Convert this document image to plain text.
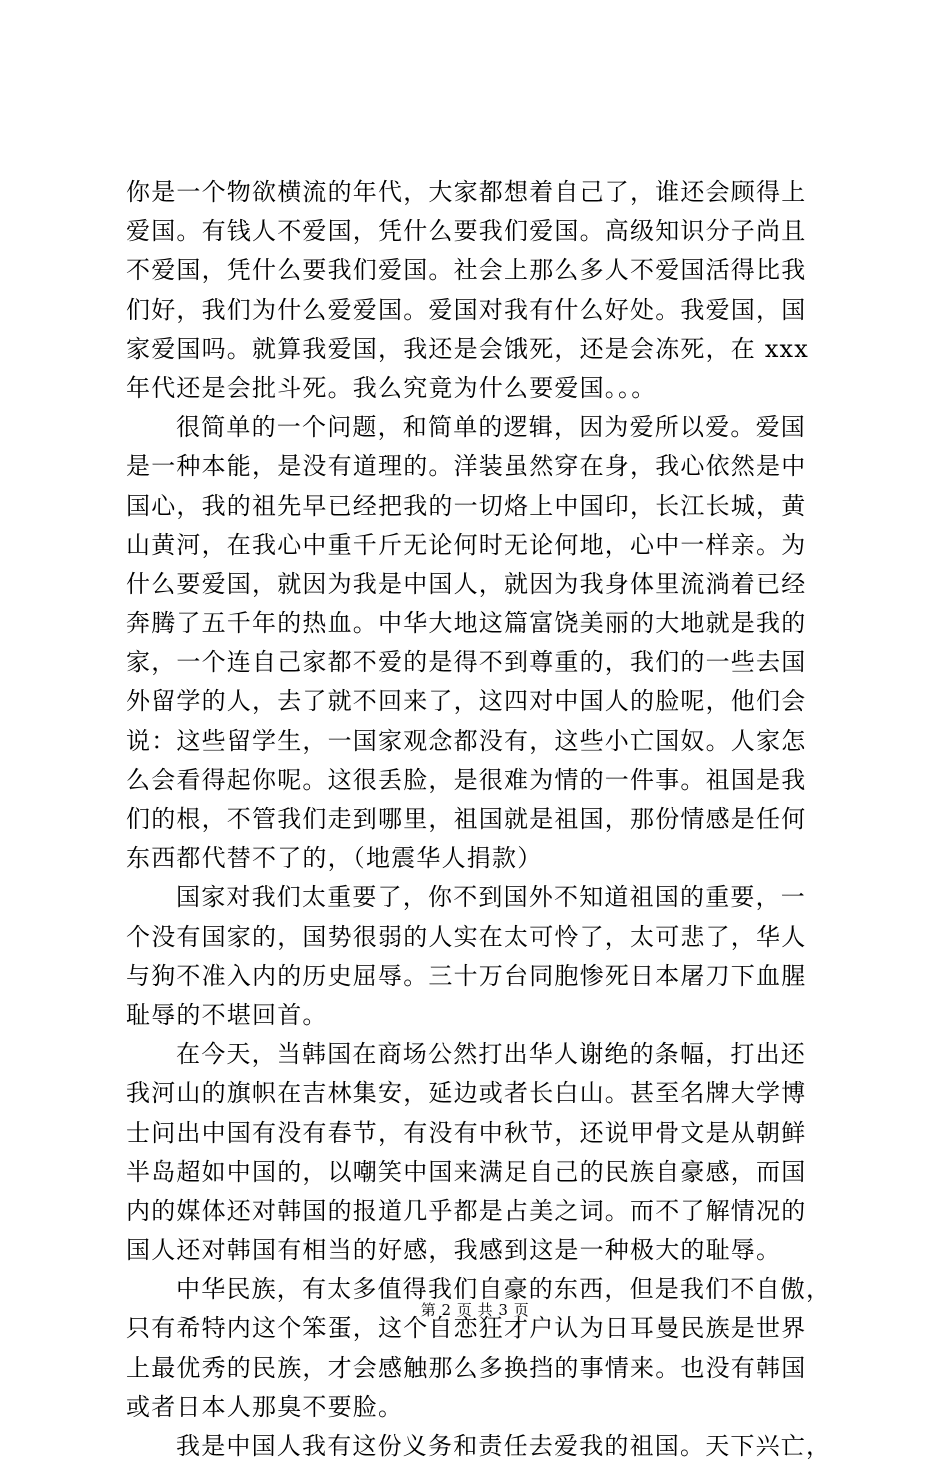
你是一个物欲横流的年代，大家都想着自己了，谁还会顾得上
爱国。有钱人不爱国，凭什么要我们爱国。高级知识分子尚且
不爱国，凭什么要我们爱国。社会上那么多人不爱国活得比我
们好，我们为什么爱爱国。爱国对我有什么好处。我爱国，国
家爱国吗。就算我爱国，我还是会饿死，还是会冻死，在 xxx
年代还是会批斗死。我么究竟为什么要爱国。。。
很简单的一个问题，和简单的逻辑，因为爱所以爱。爱国
是一种本能，是没有道理的。洋装虽然穿在身，我心依然是中
国心，我的祖先早已经把我的一切烙上中国印，长江长城，黄
山黄河，在我心中重千斤无论何时无论何地，心中一样亲。为
什么要爱国，就因为我是中国人，就因为我身体里流淌着已经
奔腾了五千年的热血。中华大地这篇富饶美丽的大地就是我的
家，一个连自己家都不爱的是得不到尊重的，我们的一些去国
外留学的人，去了就不回来了，这四对中国人的脸呢，他们会
说：这些留学生，一国家观念都没有，这些小亡国奴。人家怎
么会看得起你呢。这很丢脸，是很难为情的一件事。祖国是我
们的根，不管我们走到哪里，祖国就是祖国，那份情感是任何
东西都代替不了的，（地震华人捐款）
国家对我们太重要了，你不到国外不知道祖国的重要，一
个没有国家的，国势很弱的人实在太可怜了，太可悲了，华人
与狗不准入内的历史屈辱。三十万台同胞惨死日本屠刀下血腥
耻辱的不堪回首。
在今天，当韩国在商场公然打出华人谢绝的条幅，打出还
我河山的旗帜在吉林集安，延边或者长白山。甚至名牌大学博
士问出中国有没有春节，有没有中秋节，还说甲骨文是从朝鲜
半岛超如中国的，以嘲笑中国来满足自己的民族自豪感，而国
内的媒体还对韩国的报道几乎都是占美之词。而不了解情况的
国人还对韩国有相当的好感，我感到这是一种极大的耻辱。
中华民族，有太多值得我们自豪的东西，但是我们不自傲，
只有希特内这个笨蛋，这个自恋狂才户认为日耳曼民族是世界
上最优秀的民族，才会感触那么多换挡的事情来。也没有韩国
或者日本人那臭不要脸。
我是中国人我有这份义务和责任去爱我的祖国。天下兴亡，
第 2 页 共 3 页
